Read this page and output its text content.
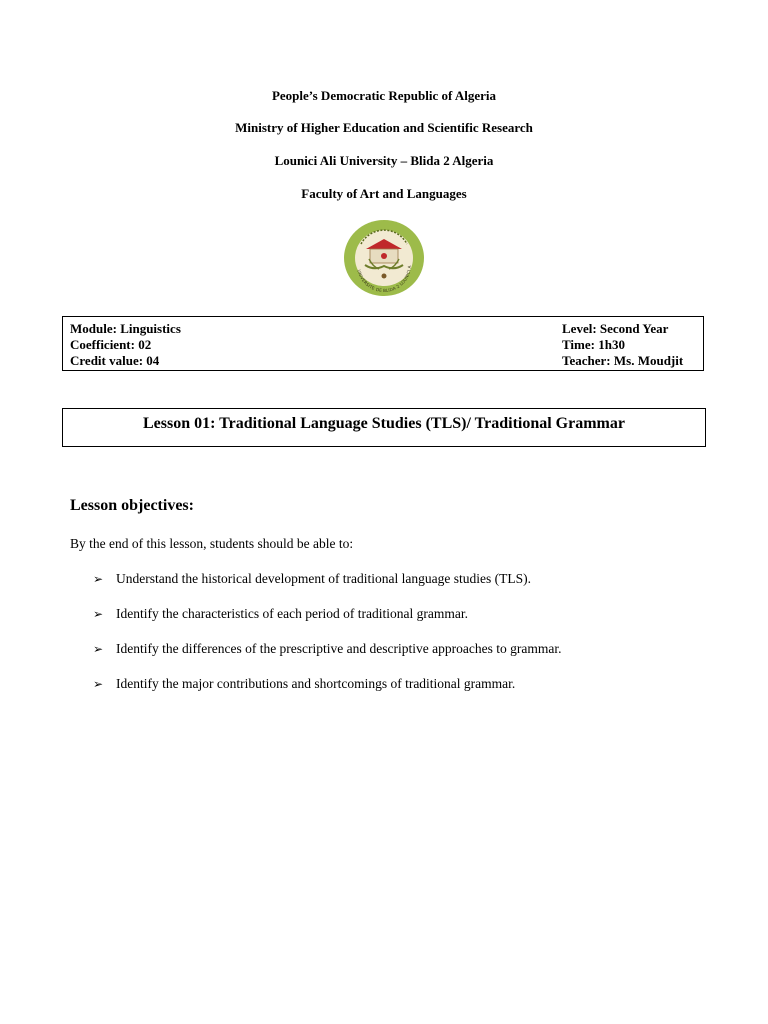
People’s Democratic Republic of Algeria
Ministry of Higher Education and Scientific Research
Lounici Ali University – Blida 2 Algeria
Faculty of Art and Languages
UNIVERSITE DE BLIDA 2 LOUNICI A
Module: Linguistics
Coefficient: 02
Credit value: 04
Level: Second Year
Time: 1h30
Teacher: Ms. Moudjit
Lesson 01: Traditional Language Studies (TLS)/ Traditional Grammar
Lesson objectives:
By the end of this lesson, students should be able to:
➢ Understand the historical development of traditional language studies (TLS).
➢ Identify the characteristics of each period of traditional grammar.
➢ Identify the differences of the prescriptive and descriptive approaches to grammar.
➢ Identify the major contributions and shortcomings of traditional grammar.
